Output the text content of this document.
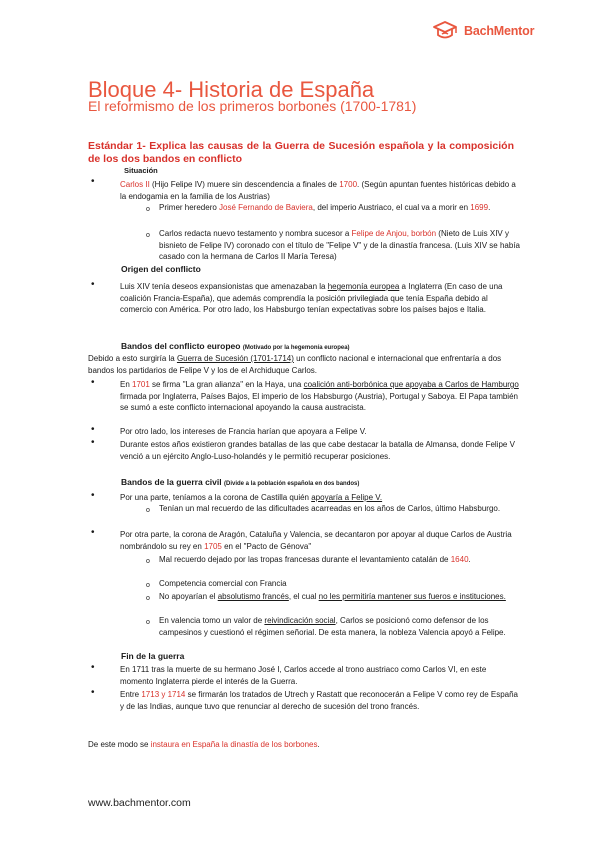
BachMentor
Bloque 4- Historia de España
El reformismo de los primeros borbones (1700-1781)
Estándar 1- Explica las causas de la Guerra de Sucesión española y la composición de los dos bandos en conflicto
Situación
•	Carlos II (Hijo Felipe IV) muere sin descendencia a finales de 1700. (Según apuntan fuentes históricas debido a la endogamia en la familia de los Austrias)
o Primer heredero José Fernando de Baviera, del imperio Austriaco, el cual va a morir en 1699.
o Carlos redacta nuevo testamento y nombra sucesor a Felipe de Anjou, borbón (Nieto de Luis XIV y bisnieto de Felipe IV) coronado con el título de "Felipe V" y de la dinastía francesa. (Luis XIV se había casado con la hermana de Carlos II María Teresa)
Origen del conflicto
•	Luis XIV tenía deseos expansionistas que amenazaban la hegemonía europea a Inglaterra (En caso de una coalición Francia-España), que además comprendía la posición privilegiada que tenía España debido al comercio con América. Por otro lado, los Habsburgo tenían expectativas sobre los países bajos e Italia.
Bandos del conflicto europeo (Motivado por la hegemonía europea)
Debido a esto surgiría la Guerra de Sucesión (1701-1714) un conflicto nacional e internacional que enfrentaría a dos bandos los partidarios de Felipe V y los de el Archiduque Carlos.
•	En 1701 se firma "La gran alianza" en la Haya, una coalición anti-borbónica que apoyaba a Carlos de Hamburgo firmada por Inglaterra, Países Bajos, El imperio de los Habsburgo (Austria), Portugal y Saboya. El Papa también se sumó a este conflicto internacional apoyando la causa austracista.
•	Por otro lado, los intereses de Francia harían que apoyara a Felipe V.
•	Durante estos años existieron grandes batallas de las que cabe destacar la batalla de Almansa, donde Felipe V venció a un ejército Anglo-Luso-holandés y le permitió recuperar posiciones.
Bandos de la guerra civil (Divide a la población española en dos bandos)
•	Por una parte, teníamos a la corona de Castilla quién apoyaría a Felipe V.
o Tenían un mal recuerdo de las dificultades acarreadas en los años de Carlos, último Habsburgo.
•	Por otra parte, la corona de Aragón, Cataluña y Valencia, se decantaron por apoyar al duque Carlos de Austria nombrándolo su rey en 1705 en el "Pacto de Génova"
o Mal recuerdo dejado por las tropas francesas durante el levantamiento catalán de 1640.
o Competencia comercial con Francia
o No apoyarían el absolutismo francés, el cual no les permitiría mantener sus fueros e instituciones.
o En valencia tomo un valor de reivindicación social, Carlos se posicionó como defensor de los campesinos y cuestionó el régimen señorial. De esta manera, la nobleza Valencia apoyó a Felipe.
Fin de la guerra
•	En 1711 tras la muerte de su hermano José I, Carlos accede al trono austriaco como Carlos VI, en este momento Inglaterra pierde el interés de la Guerra.
•	Entre 1713 y 1714 se firmarán los tratados de Utrech y Rastatt que reconocerán a Felipe V como rey de España y de las Indias, aunque tuvo que renunciar al derecho de sucesión del trono francés.
De este modo se instaura en España la dinastía de los borbones.
www.bachmentor.com
